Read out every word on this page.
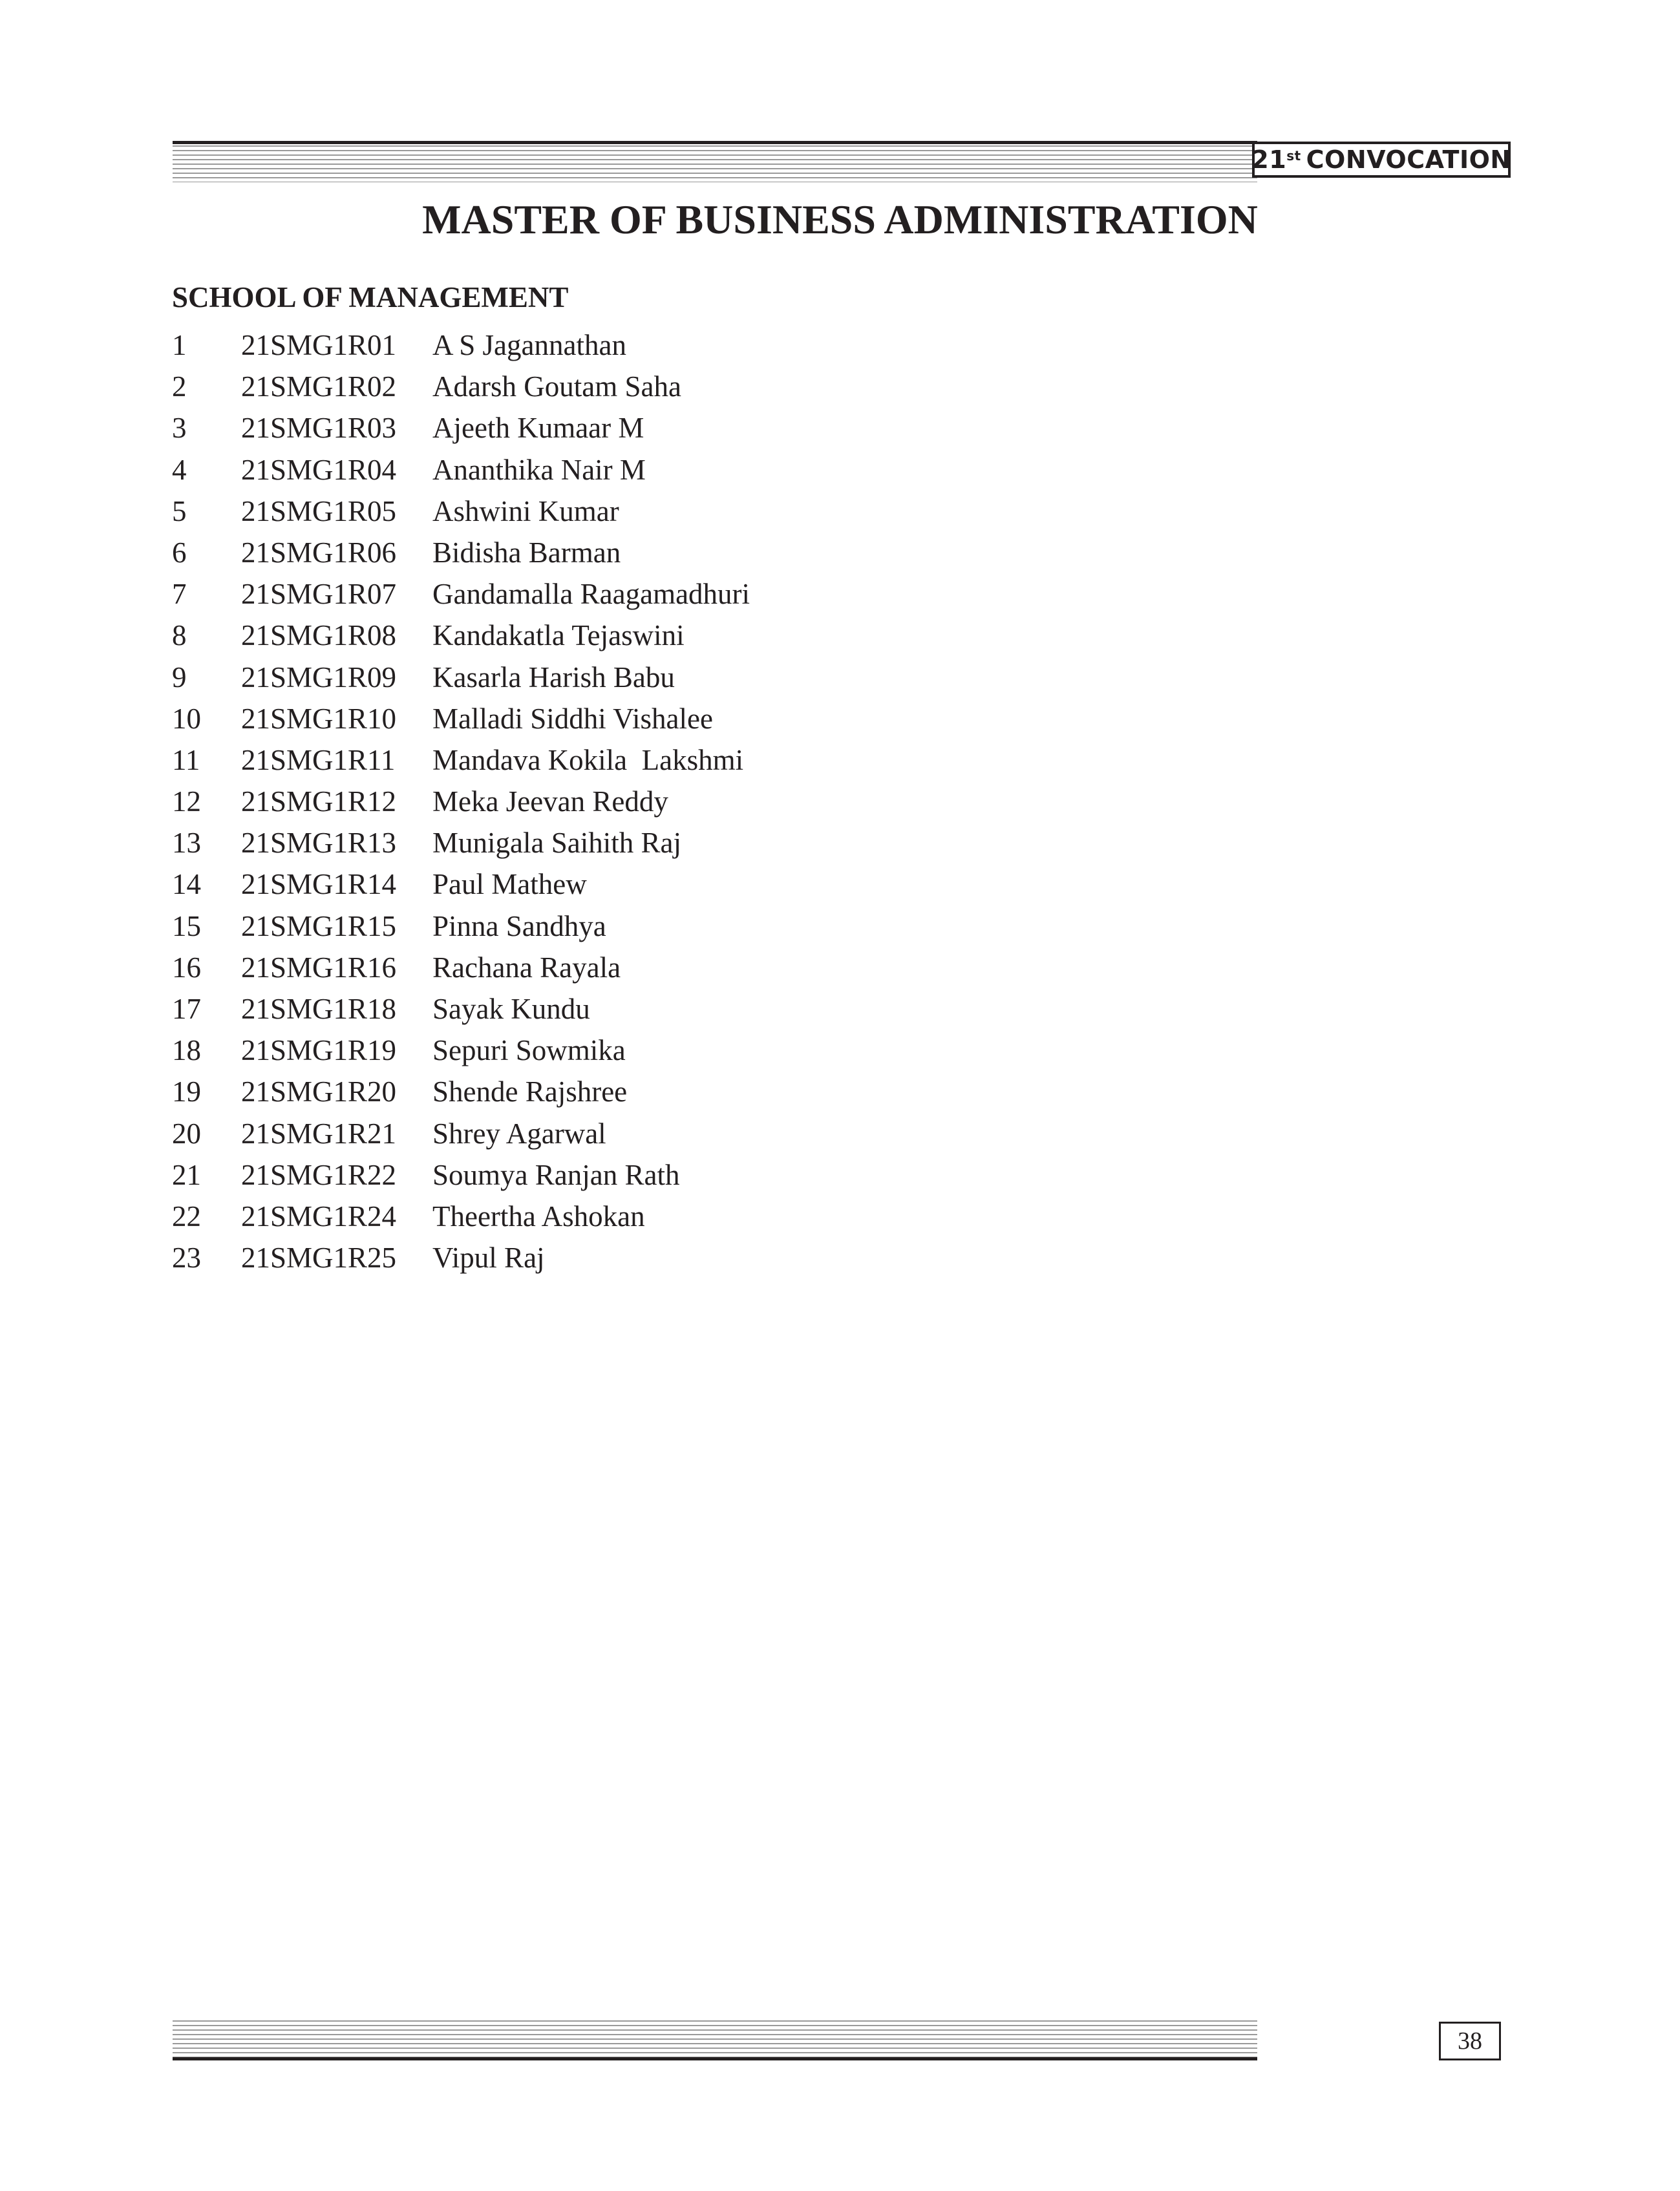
21st CONVOCATION
MASTER OF BUSINESS ADMINISTRATION
SCHOOL OF MANAGEMENT
1	21SMG1R01	A S Jagannathan
2	21SMG1R02	Adarsh Goutam Saha
3	21SMG1R03	Ajeeth Kumaar M
4	21SMG1R04	Ananthika Nair M
5	21SMG1R05	Ashwini Kumar
6	21SMG1R06	Bidisha Barman
7	21SMG1R07	Gandamalla Raagamadhuri
8	21SMG1R08	Kandakatla Tejaswini
9	21SMG1R09	Kasarla Harish Babu
10	21SMG1R10	Malladi Siddhi Vishalee
11	21SMG1R11	Mandava Kokila  Lakshmi
12	21SMG1R12	Meka Jeevan Reddy
13	21SMG1R13	Munigala Saihith Raj
14	21SMG1R14	Paul Mathew
15	21SMG1R15	Pinna Sandhya
16	21SMG1R16	Rachana Rayala
17	21SMG1R18	Sayak Kundu
18	21SMG1R19	Sepuri Sowmika
19	21SMG1R20	Shende Rajshree
20	21SMG1R21	Shrey Agarwal
21	21SMG1R22	Soumya Ranjan Rath
22	21SMG1R24	Theertha Ashokan
23	21SMG1R25	Vipul Raj
38
